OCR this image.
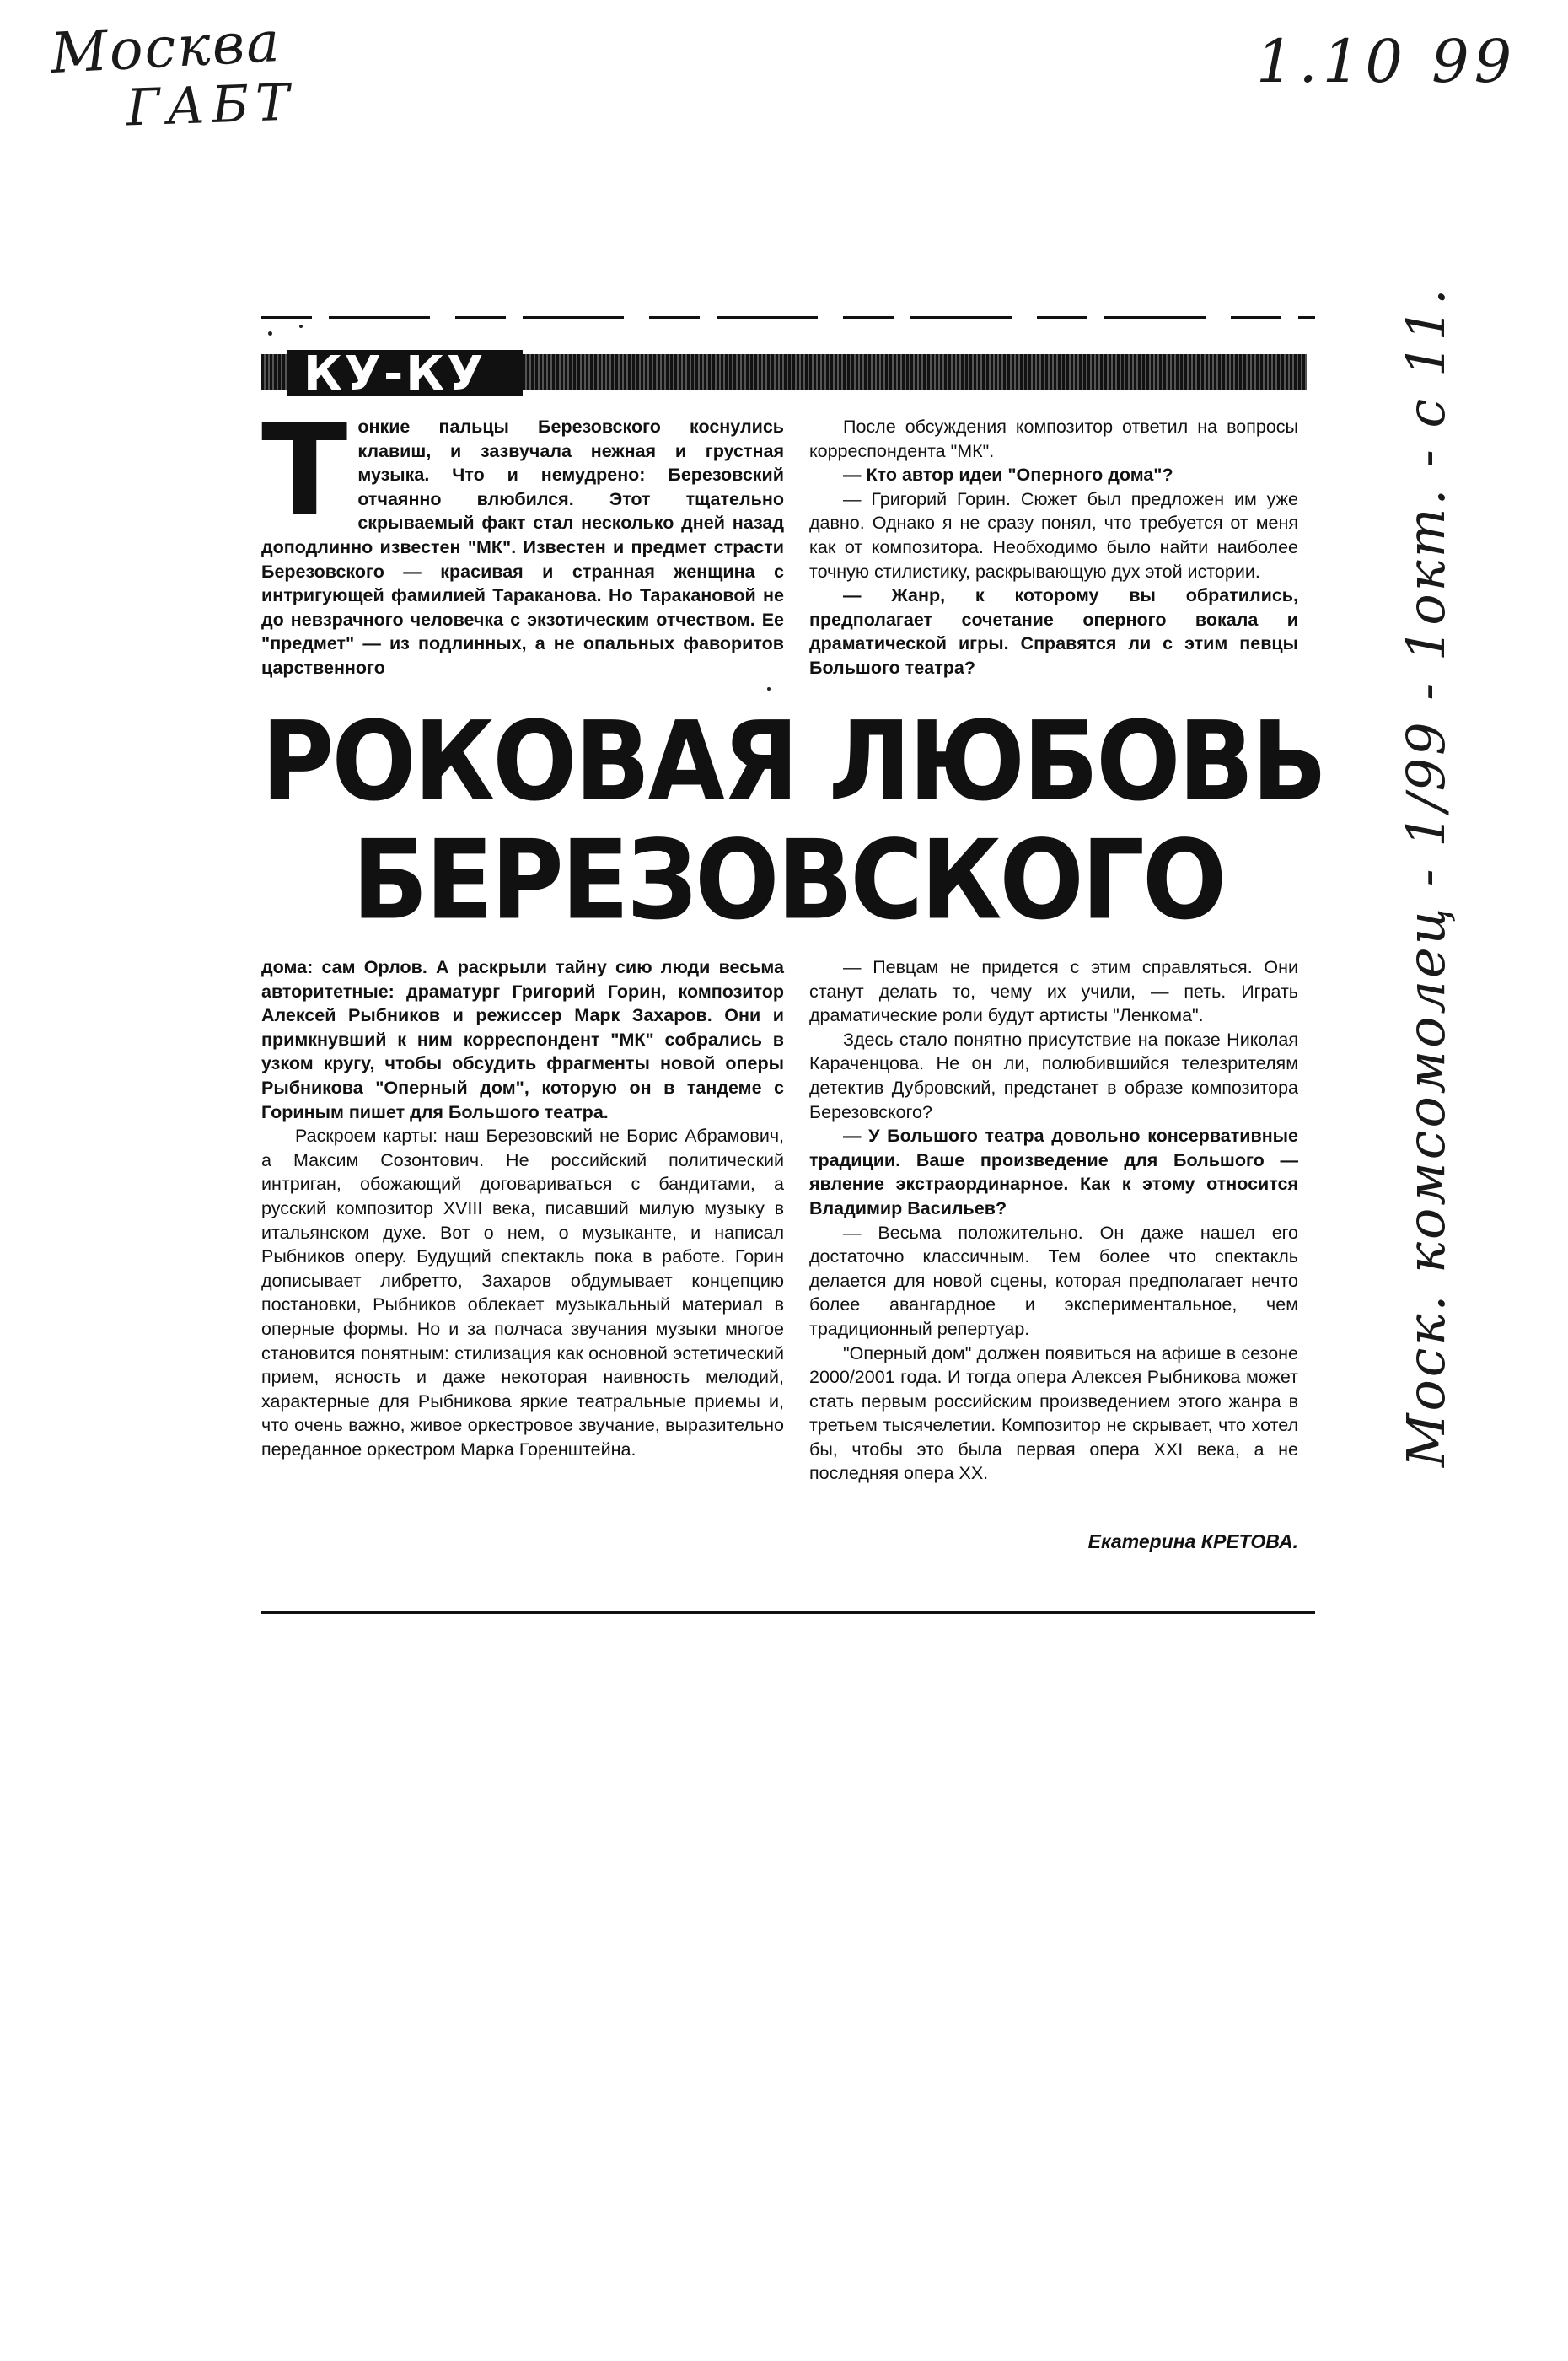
Москва
ГАБТ
1.10 99
Моск. комсомолец - 1/99 - 1окт. - с 11.
КУ-КУ
Т онкие пальцы Березовского коснулись клавиш, и зазвучала нежная и грустная музыка. Что и немудрено: Березовский отчаянно влюбился. Этот тщательно скрываемый факт стал несколько дней назад доподлинно известен "МК". Известен и предмет страсти Березовского — красивая и странная женщина с интригующей фамилией Тараканова. Но Таракановой не до невзрачного человечка с экзотическим отчеством. Ее "предмет" — из подлинных, а не опальных фаворитов царственного

После обсуждения композитор ответил на вопросы корреспондента "МК".

— Кто автор идеи "Оперного дома"?

— Григорий Горин. Сюжет был предложен им уже давно. Однако я не сразу понял, что требуется от меня как от композитора. Необходимо было найти наиболее точную стилистику, раскрывающую дух этой истории.

— Жанр, к которому вы обратились, предполагает сочетание оперного вокала и драматической игры. Справятся ли с этим певцы Большого театра?

РОКОВАЯ ЛЮБОВЬ
БЕРЕЗОВСКОГО

дома: сам Орлов. А раскрыли тайну сию люди весьма авторитетные: драматург Григорий Горин, композитор Алексей Рыбников и режиссер Марк Захаров. Они и примкнувший к ним корреспондент "МК" собрались в узком кругу, чтобы обсудить фрагменты новой оперы Рыбникова "Оперный дом", которую он в тандеме с Гориным пишет для Большого театра.

Раскроем карты: наш Березовский не Борис Абрамович, а Максим Созонтович. Не российский политический интриган, обожающий договариваться с бандитами, а русский композитор XVIII века, писавший милую музыку в итальянском духе. Вот о нем, о музыканте, и написал Рыбников оперу. Будущий спектакль пока в работе. Горин дописывает либретто, Захаров обдумывает концепцию постановки, Рыбников облекает музыкальный материал в оперные формы. Но и за полчаса звучания музыки многое становится понятным: стилизация как основной эстетический прием, ясность и даже некоторая наивность мелодий, характерные для Рыбникова яркие театральные приемы и, что очень важно, живое оркестровое звучание, выразительно переданное оркестром Марка Горенштейна.

— Певцам не придется с этим справляться. Они станут делать то, чему их учили, — петь. Играть драматические роли будут артисты "Ленкома".

Здесь стало понятно присутствие на показе Николая Караченцова. Не он ли, полюбившийся телезрителям детектив Дубровский, предстанет в образе композитора Березовского?

— У Большого театра довольно консервативные традиции. Ваше произведение для Большого — явление экстраординарное. Как к этому относится Владимир Васильев?

— Весьма положительно. Он даже нашел его достаточно классичным. Тем более что спектакль делается для новой сцены, которая предполагает нечто более авангардное и экспериментальное, чем традиционный репертуар.

"Оперный дом" должен появиться на афише в сезоне 2000/2001 года. И тогда опера Алексея Рыбникова может стать первым российским произведением этого жанра в третьем тысячелетии. Композитор не скрывает, что хотел бы, чтобы это была первая опера XXI века, а не последняя опера XX.

Екатерина КРЕТОВА.
